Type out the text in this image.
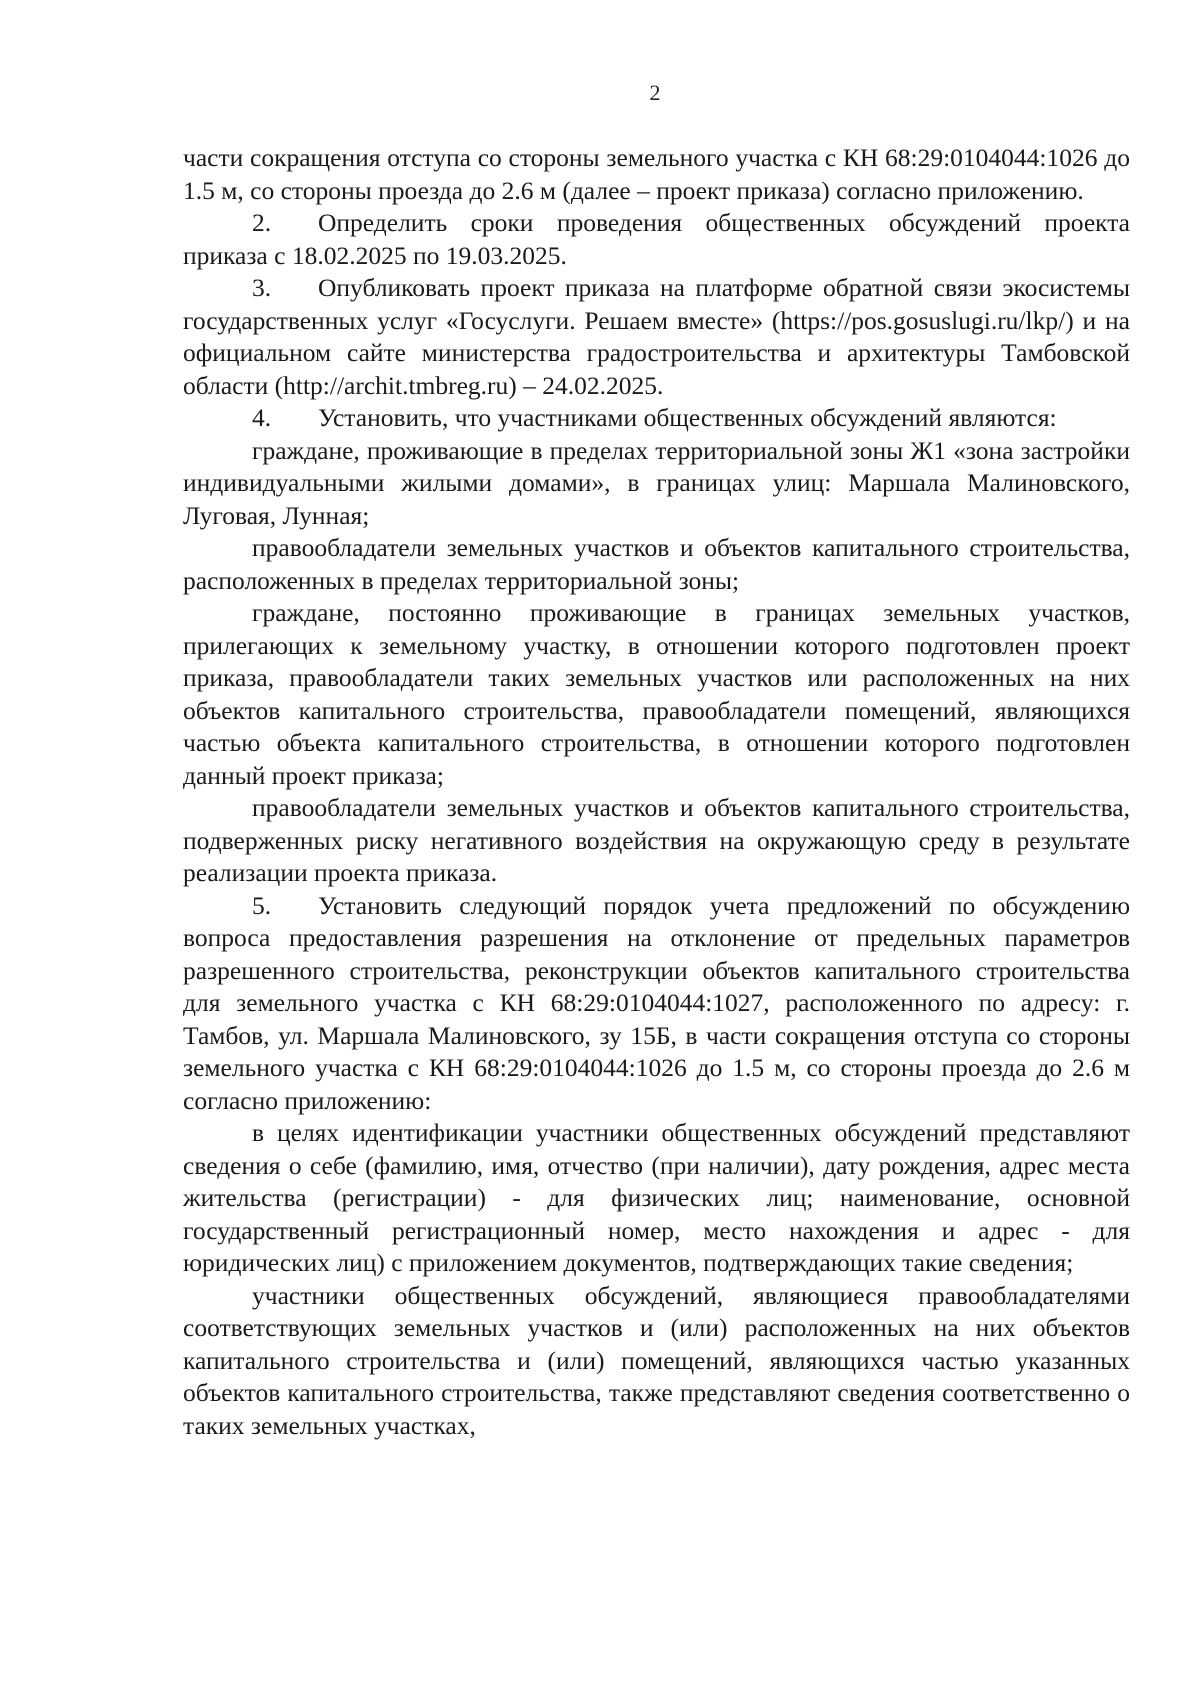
2

части сокращения отступа со стороны земельного участка с КН 68:29:0104044:1026 до 1.5 м, со стороны проезда до 2.6 м (далее – проект приказа) согласно приложению.

2. Определить сроки проведения общественных обсуждений проекта приказа с 18.02.2025 по 19.03.2025.

3. Опубликовать проект приказа на платформе обратной связи экосистемы государственных услуг «Госуслуги. Решаем вместе» (https://pos.gosuslugi.ru/lkp/) и на официальном сайте министерства градостроительства и архитектуры Тамбовской области (http://archit.tmbreg.ru) – 24.02.2025.

4. Установить, что участниками общественных обсуждений являются:

граждане, проживающие в пределах территориальной зоны Ж1 «зона застройки индивидуальными жилыми домами», в границах улиц: Маршала Малиновского, Луговая, Лунная;

правообладатели земельных участков и объектов капитального строительства, расположенных в пределах территориальной зоны;

граждане, постоянно проживающие в границах земельных участков, прилегающих к земельному участку, в отношении которого подготовлен проект приказа, правообладатели таких земельных участков или расположенных на них объектов капитального строительства, правообладатели помещений, являющихся частью объекта капитального строительства, в отношении которого подготовлен данный проект приказа;

правообладатели земельных участков и объектов капитального строительства, подверженных риску негативного воздействия на окружающую среду в результате реализации проекта приказа.

5. Установить следующий порядок учета предложений по обсуждению вопроса предоставления разрешения на отклонение от предельных параметров разрешенного строительства, реконструкции объектов капитального строительства для земельного участка с КН 68:29:0104044:1027, расположенного по адресу: г. Тамбов, ул. Маршала Малиновского, зу 15Б, в части сокращения отступа со стороны земельного участка с КН 68:29:0104044:1026 до 1.5 м, со стороны проезда до 2.6 м согласно приложению:

в целях идентификации участники общественных обсуждений представляют сведения о себе (фамилию, имя, отчество (при наличии), дату рождения, адрес места жительства (регистрации) - для физических лиц; наименование, основной государственный регистрационный номер, место нахождения и адрес - для юридических лиц) с приложением документов, подтверждающих такие сведения;

участники общественных обсуждений, являющиеся правообладателями соответствующих земельных участков и (или) расположенных на них объектов капитального строительства и (или) помещений, являющихся частью указанных объектов капитального строительства, также представляют сведения соответственно о таких земельных участках,
